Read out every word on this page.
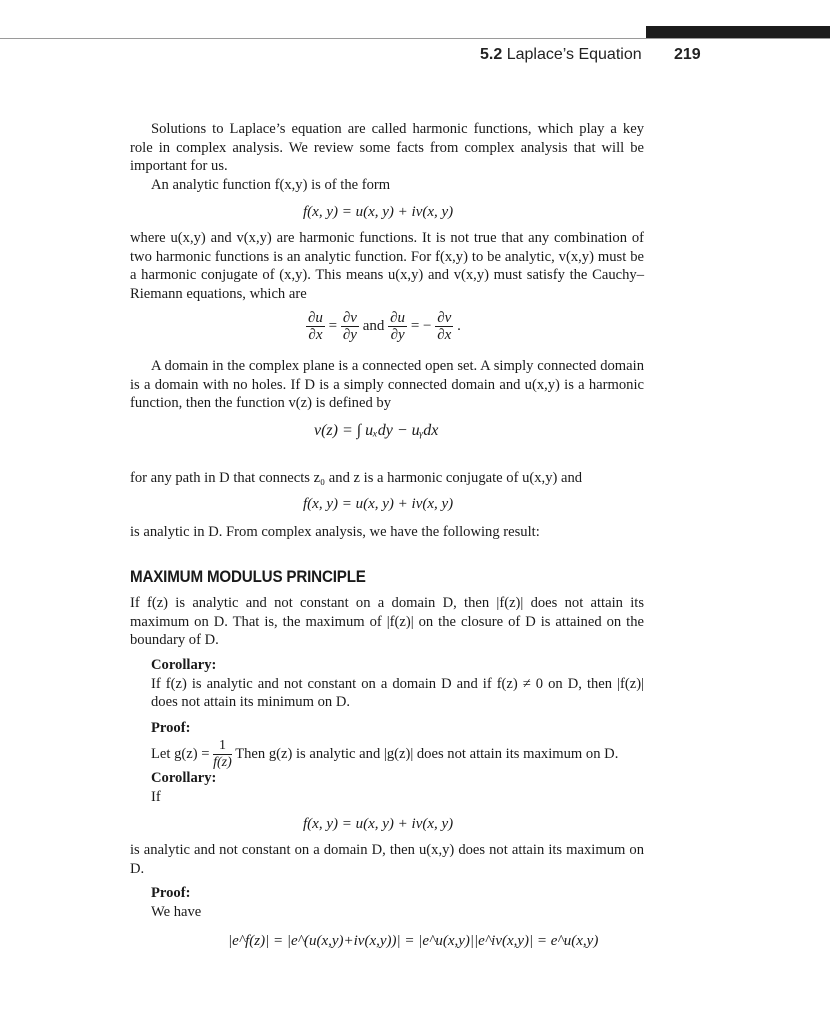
5.2 Laplace’s Equation 219

Solutions to Laplace’s equation are called harmonic functions, which play a key role in complex analysis. We review some facts from complex analysis that will be important for us.

An analytic function f(x,y) is of the form

f(x, y) = u(x, y) + iv(x, y)

where u(x,y) and v(x,y) are harmonic functions. It is not true that any combination of two harmonic functions is an analytic function. For f(x,y) to be analytic, v(x,y) must be a harmonic conjugate of (x,y). This means u(x,y) and v(x,y) must satisfy the Cauchy–Riemann equations, which are

$\frac{\partial u}{\partial x} = \frac{\partial v}{\partial y}$ and $\frac{\partial u}{\partial y}$ = − $\frac{\partial v}{\partial x}$ .

A domain in the complex plane is a connected open set. A simply connected domain is a domain with no holes. If D is a simply connected domain and u(x,y) is a harmonic function, then the function v(z) is defined by

v(z) = ∫ uₓdy − uᵧdx

for any path in D that connects z₀ and z is a harmonic conjugate of u(x,y) and

f(x, y) = u(x, y) + iv(x, y)

is analytic in D. From complex analysis, we have the following result:

MAXIMUM MODULUS PRINCIPLE

If f(z) is analytic and not constant on a domain D, then |f(z)| does not attain its maximum on D. That is, the maximum of |f(z)| on the closure of D is attained on the boundary of D.

Corollary:

If f(z) is analytic and not constant on a domain D and if f(z) ≠ 0 on D, then |f(z)| does not attain its minimum on D.

Proof:

Let $g(z) = \frac{1}{f(z)}$ Then g(z) is analytic and |g(z)| does not attain its maximum on D.

Corollary:

If

f(x, y) = u(x, y) + iv(x, y)

is analytic and not constant on a domain D, then u(x,y) does not attain its maximum on D.

Proof:

We have

|e^f(z)| = |e^(u(x,y)+iv(x,y))| = |e^u(x,y)||e^iv(x,y)| = e^u(x,y)
